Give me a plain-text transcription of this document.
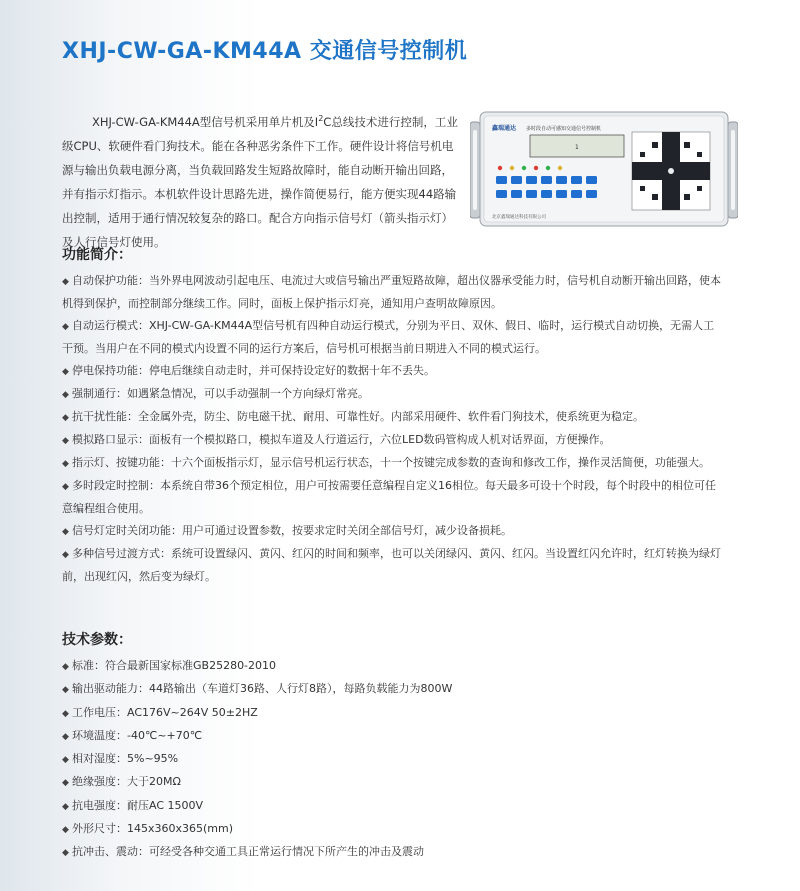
XHJ-CW-GA-KM44A 交通信号控制机

XHJ-CW-GA-KM44A型信号机采用单片机及$I^2C$总线技术进行控制，工业级CPU、软硬件看门狗技术。能在各种恶劣条件下工作。硬件设计将信号机电源与输出负载电源分离，当负载回路发生短路故障时，能自动断开输出回路，并有指示灯指示。本机软件设计思路先进，操作简便易行，能方便实现44路输出控制，适用于通行情况较复杂的路口。配合方向指示信号灯（箭头指示灯）及人行信号灯使用。

鑫瑞通达 多时段自动可感知交通信号控制机
1
北京鑫瑞通达科技有限公司
功能简介：
◆ 自动保护功能：当外界电网波动引起电压、电流过大或信号输出严重短路故障，超出仪器承受能力时，信号机自动断开输出回路，使本机得到保护，而控制部分继续工作。同时，面板上保护指示灯亮，通知用户查明故障原因。
◆ 自动运行模式：XHJ-CW-GA-KM44A型信号机有四种自动运行模式，分别为平日、双休、假日、临时，运行模式自动切换，无需人工干预。当用户在不同的模式内设置不同的运行方案后，信号机可根据当前日期进入不同的模式运行。
◆ 停电保持功能：停电后继续自动走时，并可保持设定好的数据十年不丢失。
◆ 强制通行：如遇紧急情况，可以手动强制一个方向绿灯常亮。
◆ 抗干扰性能：全金属外壳，防尘、防电磁干扰、耐用、可靠性好。内部采用硬件、软件看门狗技术，使系统更为稳定。
◆ 模拟路口显示：面板有一个模拟路口，模拟车道及人行道运行，六位LED数码管构成人机对话界面，方便操作。
◆ 指示灯、按键功能：十六个面板指示灯，显示信号机运行状态，十一个按键完成参数的查询和修改工作，操作灵活简便，功能强大。
◆ 多时段定时控制：本系统自带36个预定相位，用户可按需要任意编程自定义16相位。每天最多可设十个时段，每个时段中的相位可任意编程组合使用。
◆ 信号灯定时关闭功能：用户可通过设置参数，按要求定时关闭全部信号灯，减少设备损耗。
◆ 多种信号过渡方式：系统可设置绿闪、黄闪、红闪的时间和频率，也可以关闭绿闪、黄闪、红闪。当设置红闪允许时，红灯转换为绿灯前，出现红闪，然后变为绿灯。
技术参数：
◆ 标准：符合最新国家标准GB25280-2010
◆ 输出驱动能力：44路输出（车道灯36路、人行灯8路），每路负载能力为800W
◆ 工作电压：AC176V~264V 50±2HZ
◆ 环境温度：-40℃~+70℃
◆ 相对湿度：5%~95%
◆ 绝缘强度：大于20MΩ
◆ 抗电强度：耐压AC 1500V
◆ 外形尺寸：145x360x365(mm)
◆ 抗冲击、震动：可经受各种交通工具正常运行情况下所产生的冲击及震动
